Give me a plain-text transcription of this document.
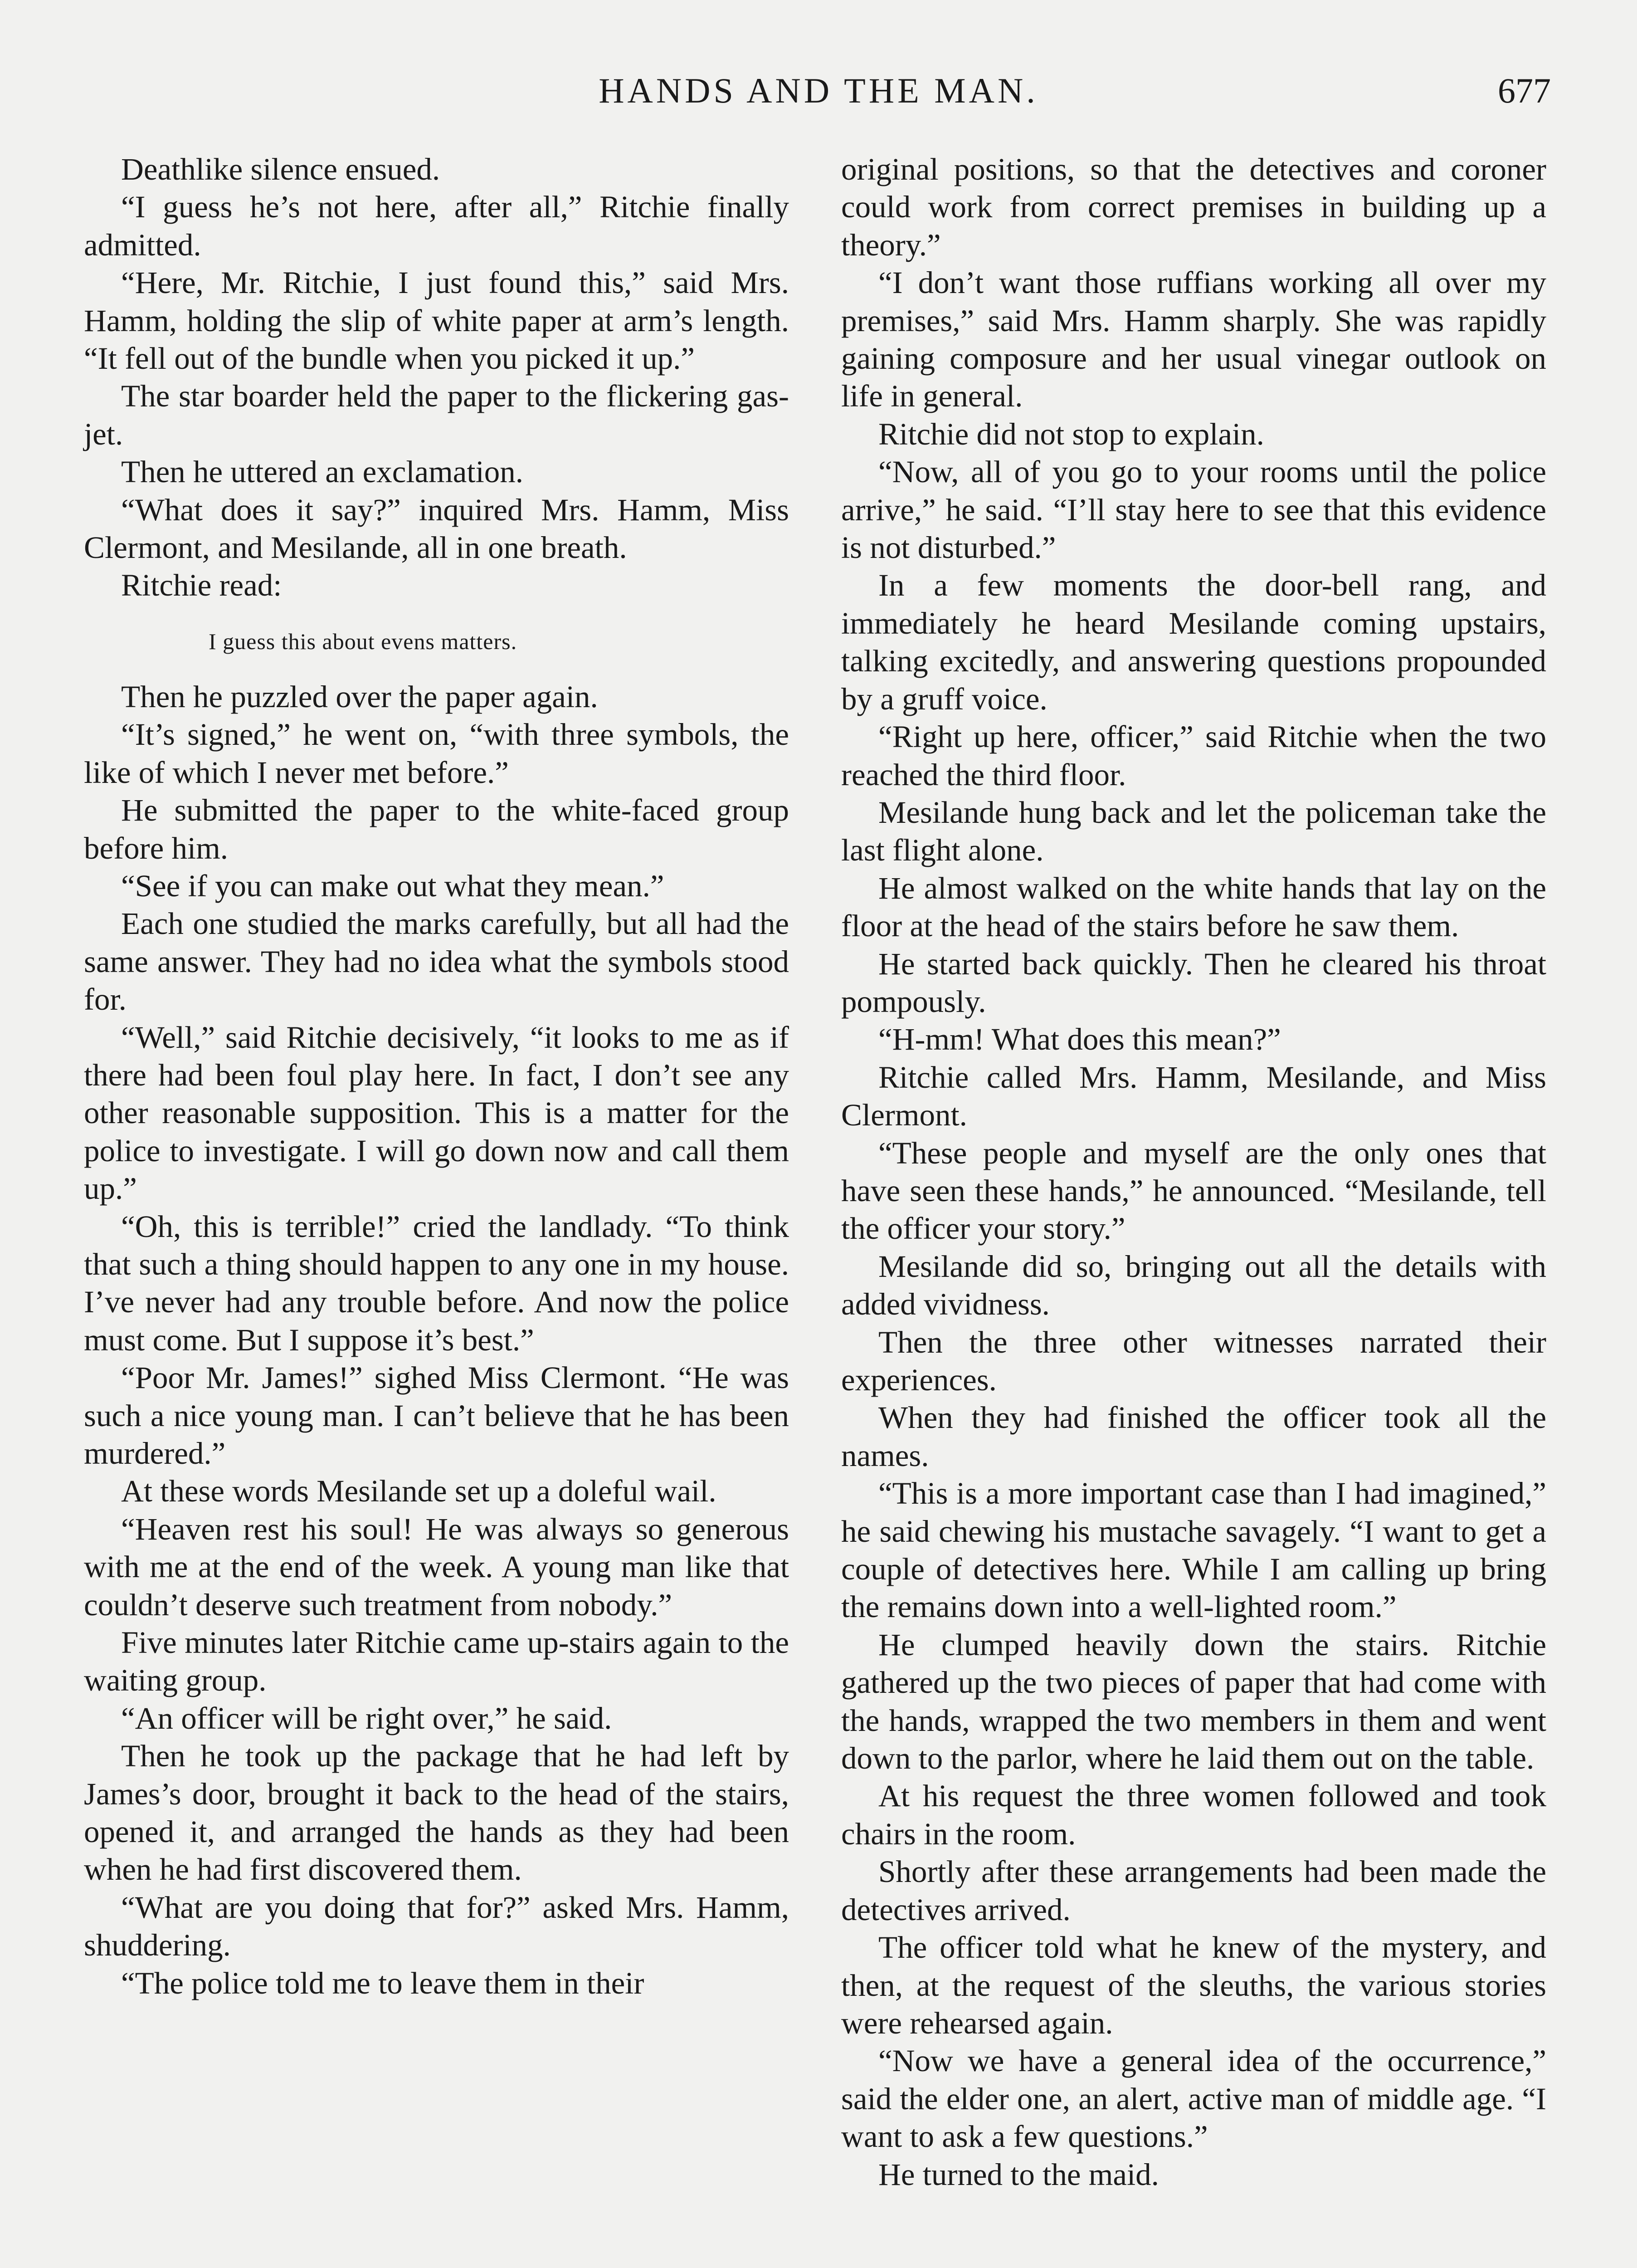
HANDS AND THE MAN.	677

Deathlike silence ensued.

“I guess he’s not here, after all,” Ritchie finally admitted.

“Here, Mr. Ritchie, I just found this,” said Mrs. Hamm, holding the slip of white paper at arm’s length. “It fell out of the bundle when you picked it up.”

The star boarder held the paper to the flickering gas-jet.

Then he uttered an exclamation.

“What does it say?” inquired Mrs. Hamm, Miss Clermont, and Mesilande, all in one breath.

Ritchie read:

I guess this about evens matters.

Then he puzzled over the paper again.

“It’s signed,” he went on, “with three symbols, the like of which I never met before.”

He submitted the paper to the white-faced group before him.

“See if you can make out what they mean.”

Each one studied the marks carefully, but all had the same answer. They had no idea what the symbols stood for.

“Well,” said Ritchie decisively, “it looks to me as if there had been foul play here. In fact, I don’t see any other reasonable supposition. This is a matter for the police to investigate. I will go down now and call them up.”

“Oh, this is terrible!” cried the landlady. “To think that such a thing should happen to any one in my house. I’ve never had any trouble before. And now the police must come. But I suppose it’s best.”

“Poor Mr. James!” sighed Miss Clermont. “He was such a nice young man. I can’t believe that he has been murdered.”

At these words Mesilande set up a doleful wail.

“Heaven rest his soul! He was always so generous with me at the end of the week. A young man like that couldn’t deserve such treatment from nobody.”

Five minutes later Ritchie came up-stairs again to the waiting group.

“An officer will be right over,” he said.

Then he took up the package that he had left by James’s door, brought it back to the head of the stairs, opened it, and arranged the hands as they had been when he had first discovered them.

“What are you doing that for?” asked Mrs. Hamm, shuddering.

“The police told me to leave them in their

original positions, so that the detectives and coroner could work from correct premises in building up a theory.”

“I don’t want those ruffians working all over my premises,” said Mrs. Hamm sharply. She was rapidly gaining composure and her usual vinegar outlook on life in general.

Ritchie did not stop to explain.

“Now, all of you go to your rooms until the police arrive,” he said. “I’ll stay here to see that this evidence is not disturbed.”

In a few moments the door-bell rang, and immediately he heard Mesilande coming upstairs, talking excitedly, and answering questions propounded by a gruff voice.

“Right up here, officer,” said Ritchie when the two reached the third floor.

Mesilande hung back and let the policeman take the last flight alone.

He almost walked on the white hands that lay on the floor at the head of the stairs before he saw them.

He started back quickly. Then he cleared his throat pompously.

“H-mm! What does this mean?”

Ritchie called Mrs. Hamm, Mesilande, and Miss Clermont.

“These people and myself are the only ones that have seen these hands,” he announced. “Mesilande, tell the officer your story.”

Mesilande did so, bringing out all the details with added vividness.

Then the three other witnesses narrated their experiences.

When they had finished the officer took all the names.

“This is a more important case than I had imagined,” he said chewing his mustache savagely. “I want to get a couple of detectives here. While I am calling up bring the remains down into a well-lighted room.”

He clumped heavily down the stairs. Ritchie gathered up the two pieces of paper that had come with the hands, wrapped the two members in them and went down to the parlor, where he laid them out on the table.

At his request the three women followed and took chairs in the room.

Shortly after these arrangements had been made the detectives arrived.

The officer told what he knew of the mystery, and then, at the request of the sleuths, the various stories were rehearsed again.

“Now we have a general idea of the occurrence,” said the elder one, an alert, active man of middle age. “I want to ask a few questions.”

He turned to the maid.
